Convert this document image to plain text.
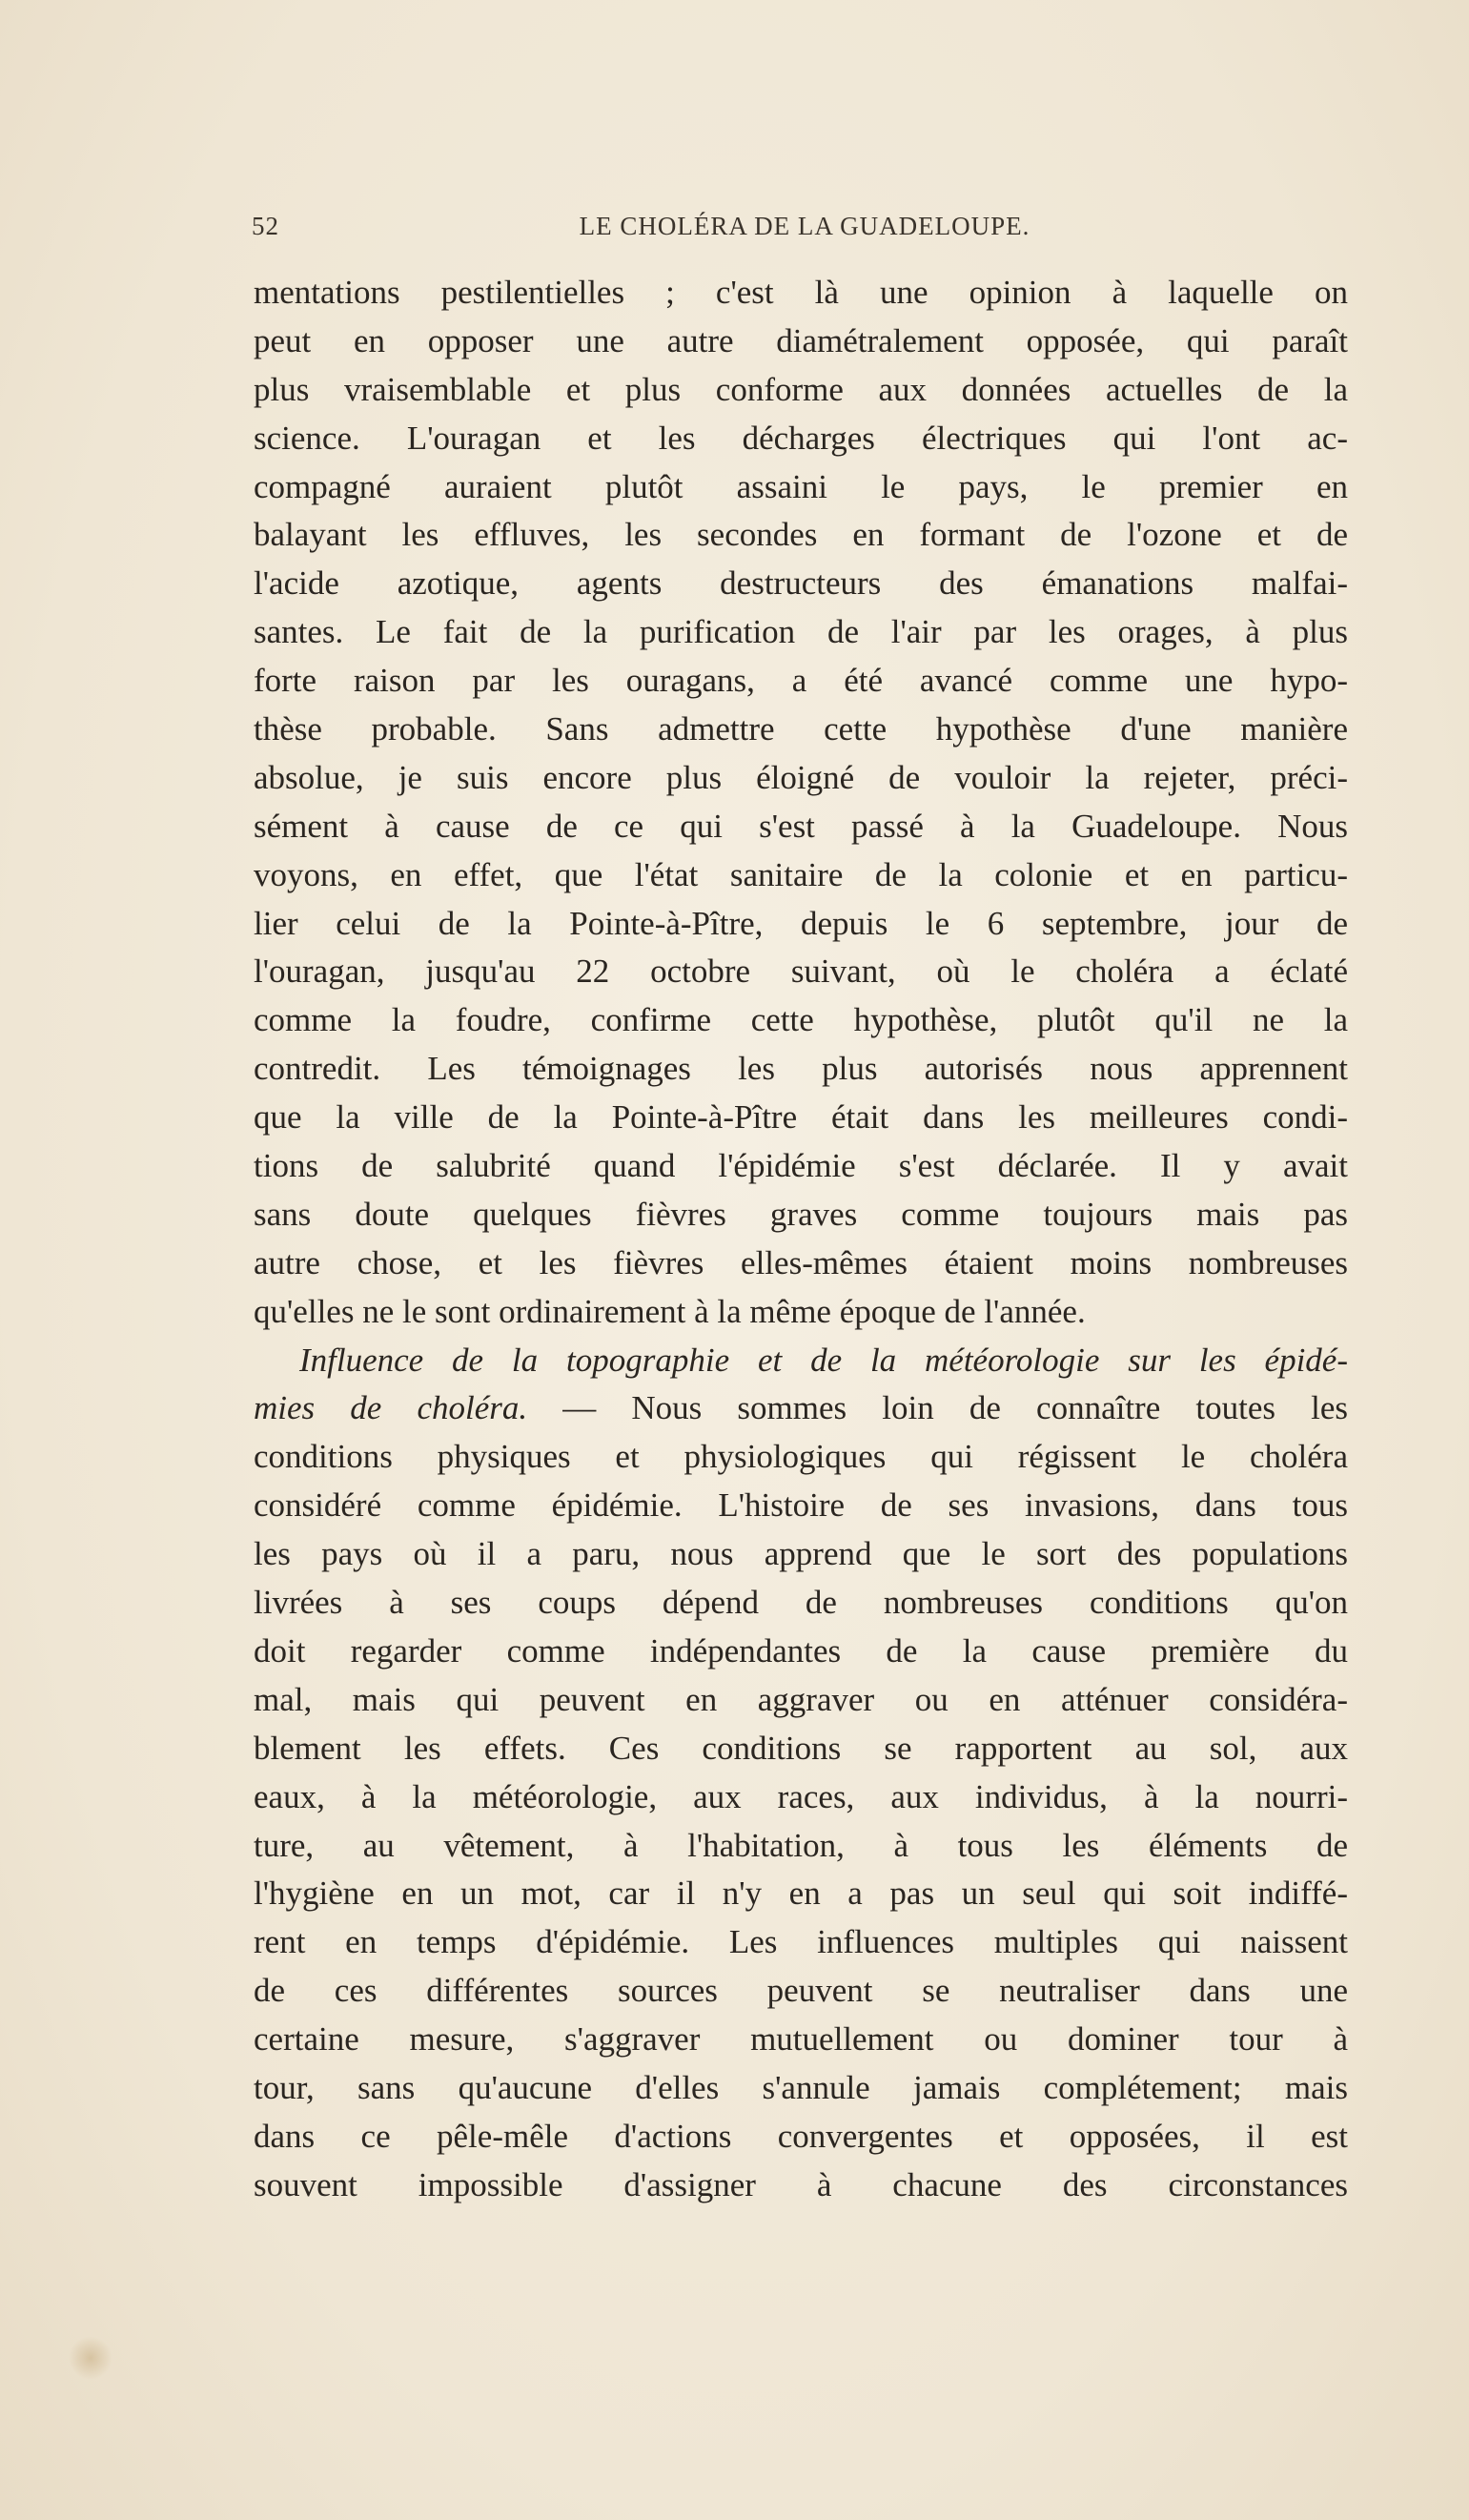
52	LE CHOLÉRA DE LA GUADELOUPE.
mentations pestilentielles ; c'est là une opinion à laquelle on
peut en opposer une autre diamétralement opposée, qui paraît
plus vraisemblable et plus conforme aux données actuelles de la
science. L'ouragan et les décharges électriques qui l'ont ac-
compagné auraient plutôt assaini le pays, le premier en
balayant les effluves, les secondes en formant de l'ozone et de
l'acide azotique, agents destructeurs des émanations malfai-
santes. Le fait de la purification de l'air par les orages, à plus
forte raison par les ouragans, a été avancé comme une hypo-
thèse probable. Sans admettre cette hypothèse d'une manière
absolue, je suis encore plus éloigné de vouloir la rejeter, préci-
sément à cause de ce qui s'est passé à la Guadeloupe. Nous
voyons, en effet, que l'état sanitaire de la colonie et en particu-
lier celui de la Pointe-à-Pître, depuis le 6 septembre, jour de
l'ouragan, jusqu'au 22 octobre suivant, où le choléra a éclaté
comme la foudre, confirme cette hypothèse, plutôt qu'il ne la
contredit. Les témoignages les plus autorisés nous apprennent
que la ville de la Pointe-à-Pître était dans les meilleures condi-
tions de salubrité quand l'épidémie s'est déclarée. Il y avait
sans doute quelques fièvres graves comme toujours mais pas
autre chose, et les fièvres elles-mêmes étaient moins nombreuses
qu'elles ne le sont ordinairement à la même époque de l'année.
Influence de la topographie et de la météorologie sur les épidé-
mies de choléra. — Nous sommes loin de connaître toutes les
conditions physiques et physiologiques qui régissent le choléra
considéré comme épidémie. L'histoire de ses invasions, dans tous
les pays où il a paru, nous apprend que le sort des populations
livrées à ses coups dépend de nombreuses conditions qu'on
doit regarder comme indépendantes de la cause première du
mal, mais qui peuvent en aggraver ou en atténuer considéra-
blement les effets. Ces conditions se rapportent au sol, aux
eaux, à la météorologie, aux races, aux individus, à la nourri-
ture, au vêtement, à l'habitation, à tous les éléments de
l'hygiène en un mot, car il n'y en a pas un seul qui soit indiffé-
rent en temps d'épidémie. Les influences multiples qui naissent
de ces différentes sources peuvent se neutraliser dans une
certaine mesure, s'aggraver mutuellement ou dominer tour à
tour, sans qu'aucune d'elles s'annule jamais complétement; mais
dans ce pêle-mêle d'actions convergentes et opposées, il est
souvent impossible d'assigner à chacune des circonstances
